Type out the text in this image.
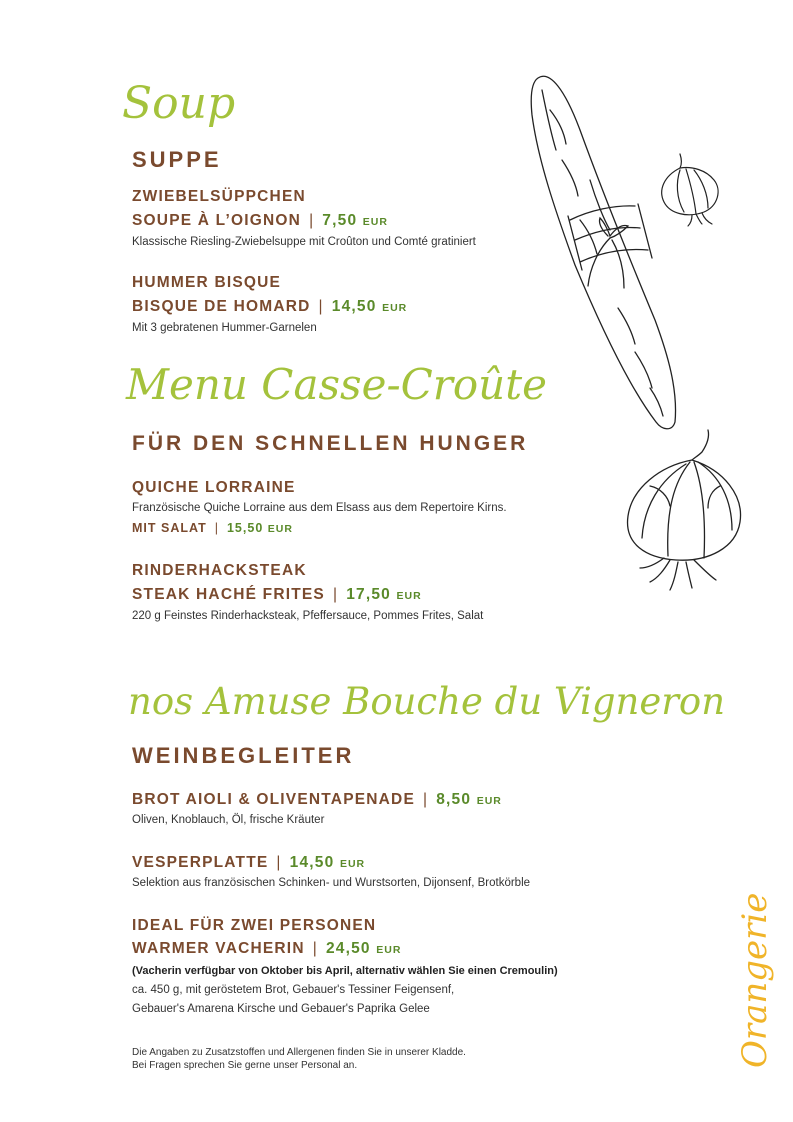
Soup
SUPPE
ZWIEBELSÜPPCHEN
SOUPE À L’OIGNON | 7,50 EUR
Klassische Riesling-Zwiebelsuppe mit Croûton und Comté gratiniert
HUMMER BISQUE
BISQUE DE HOMARD | 14,50 EUR
Mit 3 gebratenen Hummer-Garnelen
Menu Casse-Croûte
FÜR DEN SCHNELLEN HUNGER
QUICHE LORRAINE
Französische Quiche Lorraine aus dem Elsass aus dem Repertoire Kirns.
MIT SALAT | 15,50 EUR
RINDERHACKSTEAK
STEAK HACHÉ FRITES | 17,50 EUR
220 g Feinstes Rinderhacksteak, Pfeffersauce, Pommes Frites, Salat
nos Amuse Bouche du Vigneron
WEINBEGLEITER
BROT AIOLI & OLIVENTAPENADE | 8,50 EUR
Oliven, Knoblauch, Öl, frische Kräuter
VESPERPLATTE | 14,50 EUR
Selektion aus französischen Schinken- und Wurstsorten, Dijonsenf, Brotkörble
IDEAL FÜR ZWEI PERSONEN
WARMER VACHERIN | 24,50 EUR
(Vacherin verfügbar von Oktober bis April, alternativ wählen Sie einen Cremoulin)
ca. 450 g, mit geröstetem Brot, Gebauer's Tessiner Feigensenf,
Gebauer's Amarena Kirsche und Gebauer's Paprika Gelee
Die Angaben zu Zusatzstoffen und Allergenen finden Sie in unserer Kladde.
Bei Fragen sprechen Sie gerne unser Personal an.	Orangerie
